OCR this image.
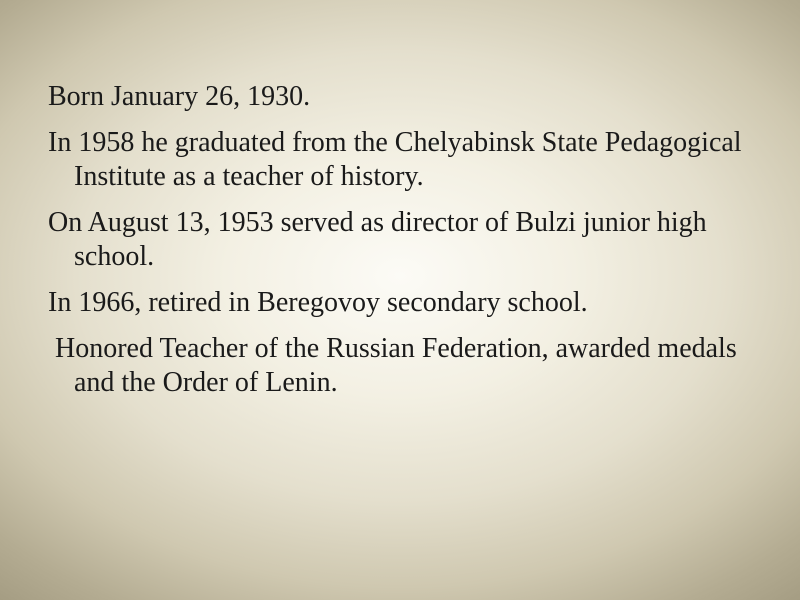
Born January 26, 1930.
In 1958 he graduated from the Chelyabinsk State Pedagogical Institute as a teacher of history.
On August 13, 1953 served as director of Bulzi junior high school.
In 1966, retired in Beregovoy secondary school.
Honored Teacher of the Russian Federation, awarded medals and the Order of Lenin.
